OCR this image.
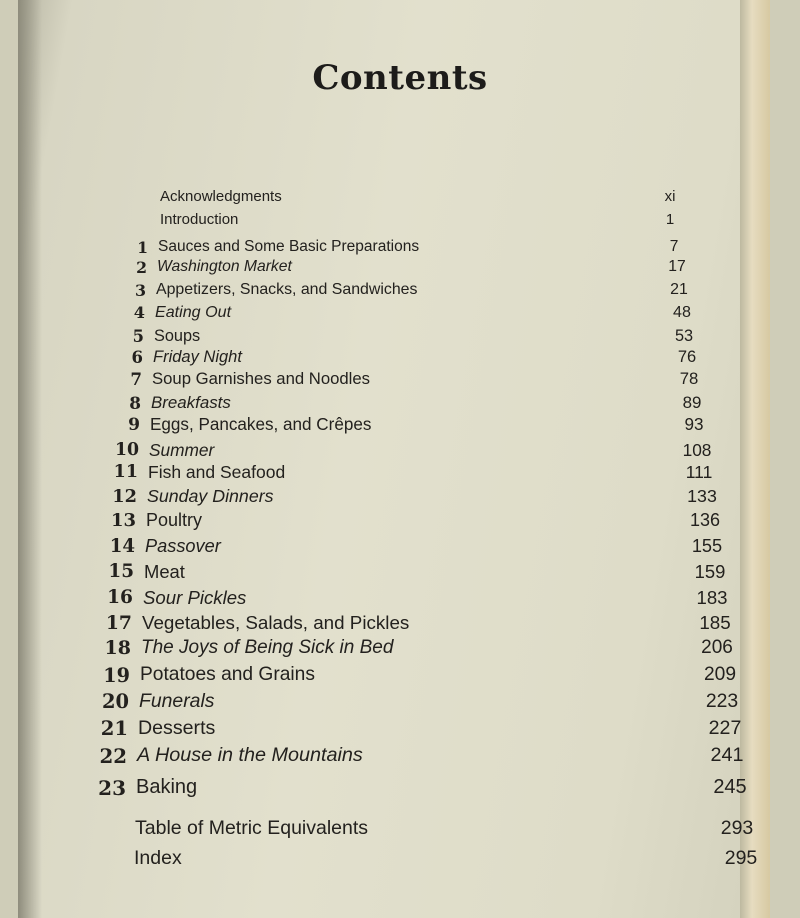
Contents
Acknowledgments	xi
Introduction	1
1 Sauces and Some Basic Preparations	7
2 Washington Market	17
3 Appetizers, Snacks, and Sandwiches	21
4 Eating Out	48
5 Soups	53
6 Friday Night	76
7 Soup Garnishes and Noodles	78
8 Breakfasts	89
9 Eggs, Pancakes, and Crêpes	93
10 Summer	108
11 Fish and Seafood	111
12 Sunday Dinners	133
13 Poultry	136
14 Passover	155
15 Meat	159
16 Sour Pickles	183
17 Vegetables, Salads, and Pickles	185
18 The Joys of Being Sick in Bed	206
19 Potatoes and Grains	209
20 Funerals	223
21 Desserts	227
22 A House in the Mountains	241
23 Baking	245
Table of Metric Equivalents	293
Index	295
